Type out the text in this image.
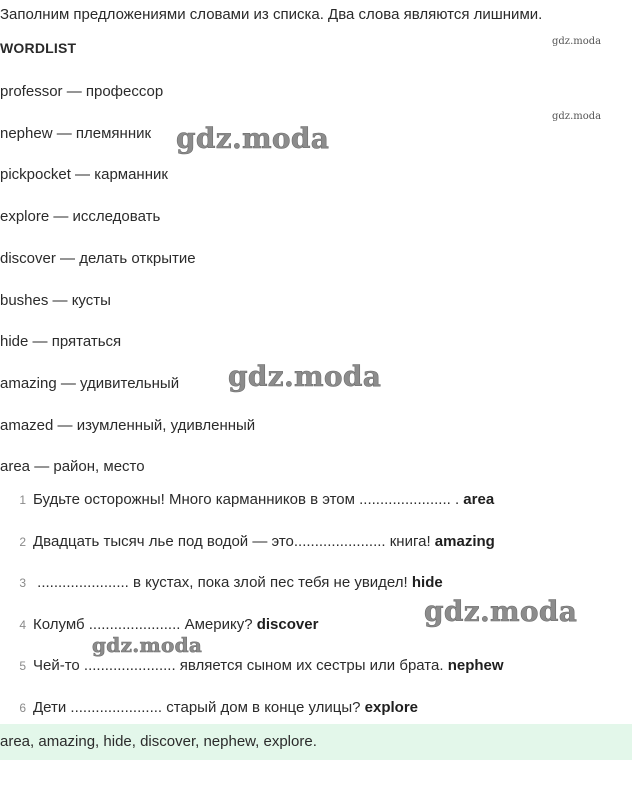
Заполним предложениями словами из списка. Два слова являются лишними.
WORDLIST
professor — профессор
nephew — племянник
pickpocket — карманник
explore — исследовать
discover — делать открытие
bushes — кусты
hide — прятаться
amazing — удивительный
amazed — изумленный, удивленный
area — район, место
1 Будьте осторожны! Много карманников в этом ...................... . area
2 Двадцать тысяч лье под водой — это...................... книга! amazing
3 ...................... в кустах, пока злой пес тебя не увидел! hide
4 Колумб ...................... Америку? discover
5 Чей-то ...................... является сыном их сестры или брата. nephew
6 Дети ...................... старый дом в конце улицы? explore
area, amazing, hide, discover, nephew, explore.
gdz.moda
gdz.moda
gdz.moda
gdz.moda
gdz.moda
gdz.moda
